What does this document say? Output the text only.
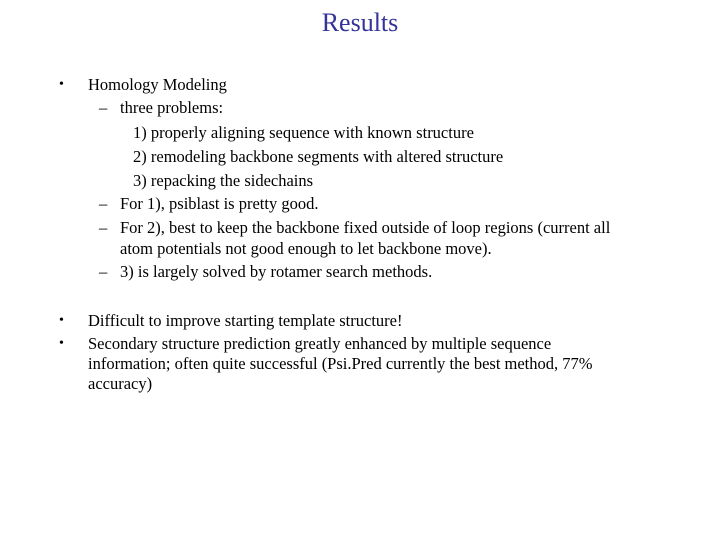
Results
• Homology Modeling
– three problems:
1) properly aligning sequence with known structure
2) remodeling backbone segments with altered structure
3) repacking the sidechains
– For 1), psiblast is pretty good.
– For 2), best to keep the backbone fixed outside of loop regions (current all
atom potentials not good enough to let backbone move).
– 3) is largely solved by rotamer search methods.
• Difficult to improve starting template structure!
• Secondary structure prediction greatly enhanced by multiple sequence
information; often quite successful (Psi.Pred currently the best method, 77%
accuracy)
